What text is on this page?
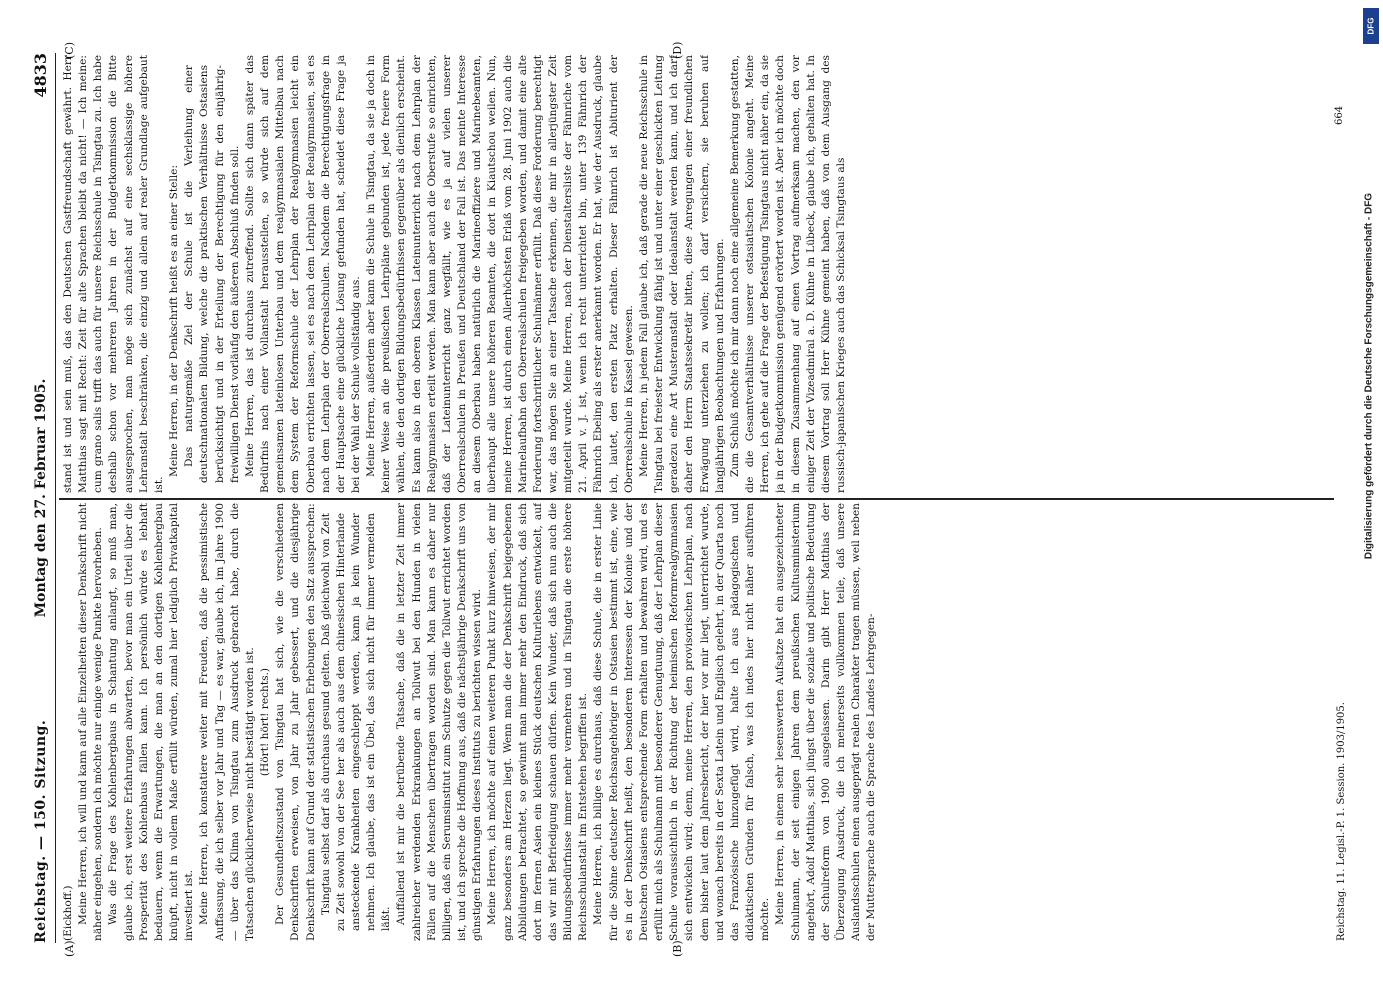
Reichstag. — 150. Sitzung.
Montag den 27. Februar 1905.
4833
(A)	(B)
(C)	(D)

(Eickhoff.) Meine Herren, ich will und kann auf alle Einzelheiten dieser Denkschrift nicht näher eingehen, sondern ich möchte nur einige wenige Punkte hervorheben. Was die Frage des Kohlenbergbaus in Schantung anlangt, so muß man, glaube ich, erst weitere Erfahrungen abwarten, bevor man ein Urteil über die Prosperität des Kohlenbaus fällen kann. Ich persönlich würde es lebhaft bedauern, wenn die Erwartungen, die man an den dortigen Kohlenbergbau knüpft, nicht in vollem Maße erfüllt würden, zumal hier lediglich Privatkapital investiert ist. Meine Herren, ich konstatiere weiter mit Freuden, daß die pessimistische Auffassung, die ich selber vor Jahr und Tag — es war, glaube ich, im Jahre 1900 — über das Klima von Tsingtau zum Ausdruck gebracht habe, durch die Tatsachen glücklicherweise nicht bestätigt worden ist. (Hört! hört! rechts.) Der Gesundheitszustand von Tsingtau hat sich, wie die verschiedenen Denkschriften erweisen, von Jahr zu Jahr gebessert, und die diesjährige Denkschrift kann auf Grund der statistischen Erhebungen den Satz aussprechen: Tsingtau selbst darf als durchaus gesund gelten. Daß gleichwohl von Zeit zu Zeit sowohl von der See her als auch aus dem chinesischen Hinterlande ansteckende Krankheiten eingeschleppt werden, kann ja kein Wunder nehmen. Ich glaube, das ist ein Übel, das sich nicht für immer vermeiden läßt. Auffallend ist mir die betrübende Tatsache, daß die in letzter Zeit immer zahlreicher werdenden Erkrankungen an Tollwut bei den Hunden in vielen Fällen auf die Menschen übertragen worden sind. Man kann es daher nur billigen, daß ein Serumsinstitut zum Schutze gegen die Tollwut errichtet worden ist, und ich spreche die Hoffnung aus, daß die nächstjährige Denkschrift uns von günstigen Erfahrungen dieses Instituts zu berichten wissen wird. Meine Herren, ich möchte auf einen weiteren Punkt kurz hinweisen, der mir ganz besonders am Herzen liegt. Wenn man die der Denkschrift beigegebenen Abbildungen betrachtet, so gewinnt man immer mehr den Eindruck, daß sich dort im fernen Asien ein kleines Stück deutschen Kulturlebens entwickelt, auf das wir mit Befriedigung schauen dürfen. Kein Wunder, daß sich nun auch die Bildungsbedürfnisse immer mehr vermehren und in Tsingtau die erste höhere Reichsschulanstalt im Entstehen begriffen ist. Meine Herren, ich billige es durchaus, daß diese Schule, die in erster Linie für die Söhne deutscher Reichsangehöriger in Ostasien bestimmt ist, eine, wie es in der Denkschrift heißt, den besonderen Interessen der Kolonie und der Deutschen Ostasiens entsprechende Form erhalten und bewahren wird, und es erfüllt mich als Schulmann mit besonderer Genugtuung, daß der Lehrplan dieser Schule voraussichtlich in der Richtung der heimischen Reformrealgymnasien sich entwickeln wird; denn, meine Herren, den provisorischen Lehrplan, nach dem bisher laut dem Jahresbericht, der hier vor mir liegt, unterrichtet wurde, und wonach bereits in der Sexta Latein und Englisch gelehrt, in der Quarta noch das Französische hinzugefügt wird, halte ich aus pädagogischen und didaktischen Gründen für falsch, was ich indes hier nicht näher ausführen möchte. Meine Herren, in einem sehr lesenswerten Aufsatze hat ein ausgezeichneter Schulmann, der seit einigen Jahren dem preußischen Kultusministerium angehört, Adolf Matthias, sich jüngst über die soziale und politische Bedeutung der Schulreform von 1900 ausgelassen. Darin gibt Herr Matthias der Überzeugung Ausdruck, die ich meinerseits vollkommen teile, daß unsere Auslandsschulen einen ausgeprägt realen Charakter tragen müssen, weil neben der Muttersprache auch die Sprache des Landes Lehrgegen-

stand ist und sein muß, das den Deutschen Gastfreundschaft gewährt. Herr Matthias sagt mit Recht: Zeit für alte Sprachen bleibt da nicht! — Ich meine: cum grano salis trifft das auch für unsere Reichsschule in Tsingtau zu. Ich habe deshalb schon vor mehreren Jahren in der Budgetkommission die Bitte ausgesprochen, man möge sich zunächst auf eine sechsklassige höhere Lehranstalt beschränken, die einzig und allein auf realer Grundlage aufgebaut ist.

Meine Herren, in der Denkschrift heißt es an einer Stelle: Das naturgemäße Ziel der Schule ist die Verleihung einer deutschnationalen Bildung, welche die praktischen Verhältnisse Ostasiens berücksichtigt und in der Erteilung der Berechtigung für den einjährig-freiwilligen Dienst vorläufig den äußeren Abschluß finden soll. Meine Herren, das ist durchaus zutreffend. Sollte sich dann später das Bedürfnis nach einer Vollanstalt herausstellen, so würde sich auf dem gemeinsamen lateinlosen Unterbau und dem realgymnasialen Mittelbau nach dem System der Reformschule der Lehrplan der Realgymnasien leicht ein Oberbau errichten lassen, sei es nach dem Lehrplan der Realgymnasien, sei es nach dem Lehrplan der Oberrealschulen. Nachdem die Berechtigungsfrage in der Hauptsache eine glückliche Lösung gefunden hat, scheidet diese Frage ja bei der Wahl der Schule vollständig aus. Meine Herren, außerdem aber kann die Schule in Tsingtau, da sie ja doch in keiner Weise an die preußischen Lehrpläne gebunden ist, jede freiere Form wählen, die den dortigen Bildungsbedürfnissen gegenüber als dienlich erscheint. Es kann also in den oberen Klassen Lateinunterricht nach dem Lehrplan der Realgymnasien erteilt werden. Man kann aber auch die Oberstufe so einrichten, daß der Lateinunterricht ganz wegfällt, wie es ja auf vielen unserer Oberrealschulen in Preußen und Deutschland der Fall ist. Das meinte Interesse an diesem Oberbau haben natürlich die Marineoffiziere und Marinebeamten, überhaupt alle unsere höheren Beamten, die dort in Kiautschou weilen. Nun, meine Herren, ist durch einen Allerhöchsten Erlaß vom 28. Juni 1902 auch die Marinelaufbahn den Oberrealschulen freigegeben worden, und damit eine alte Forderung fortschrittlicher Schulmänner erfüllt. Daß diese Forderung berechtigt war, das mögen Sie an einer Tatsache erkennen, die mir in allerjüngster Zeit mitgeteilt wurde. Meine Herren, nach der Dienstaltersliste der Fähnriche vom 21. April v. J. ist, wenn ich recht unterrichtet bin, unter 139 Fähnrich der Fähnrich Ebeling als erster anerkannt worden. Er hat, wie der Ausdruck, glaube ich, lautet, den ersten Platz erhalten. Dieser Fähnrich ist Abiturient der Oberrealschule in Kassel gewesen. Meine Herren, in jedem Fall glaube ich, daß gerade die neue Reichsschule in Tsingtau bei freiester Entwicklung fähig ist und unter einer geschickten Leitung geradezu eine Art Musteranstalt oder Idealanstalt werden kann, und ich darf daher den Herrn Staatssekretär bitten, diese Anregungen einer freundlichen Erwägung unterziehen zu wollen; ich darf versichern, sie beruhen auf langjährigen Beobachtungen und Erfahrungen. Zum Schluß möchte ich mir dann noch eine allgemeine Bemerkung gestatten, die die Gesamtverhältnisse unserer ostasiatischen Kolonie angeht. Meine Herren, ich gehe auf die Frage der Befestigung Tsingtaus nicht näher ein, da sie ja in der Budgetkommission genügend erörtert worden ist. Aber ich möchte doch in diesem Zusammenhang auf einen Vortrag aufmerksam machen, den vor einiger Zeit der Vizeadmiral a. D. Kühne in Lübeck, glaube ich, gehalten hat. In diesem Vortrag soll Herr Kühne gemeint haben, daß von dem Ausgang des russisch-japanischen Krieges auch das Schicksal Tsingtaus als

Reichstag. 11. Legisl.-P. 1. Session. 1903/1905.
664
DFG
Digitalisierung gefördert durch die Deutsche Forschungsgemeinschaft - DFG
